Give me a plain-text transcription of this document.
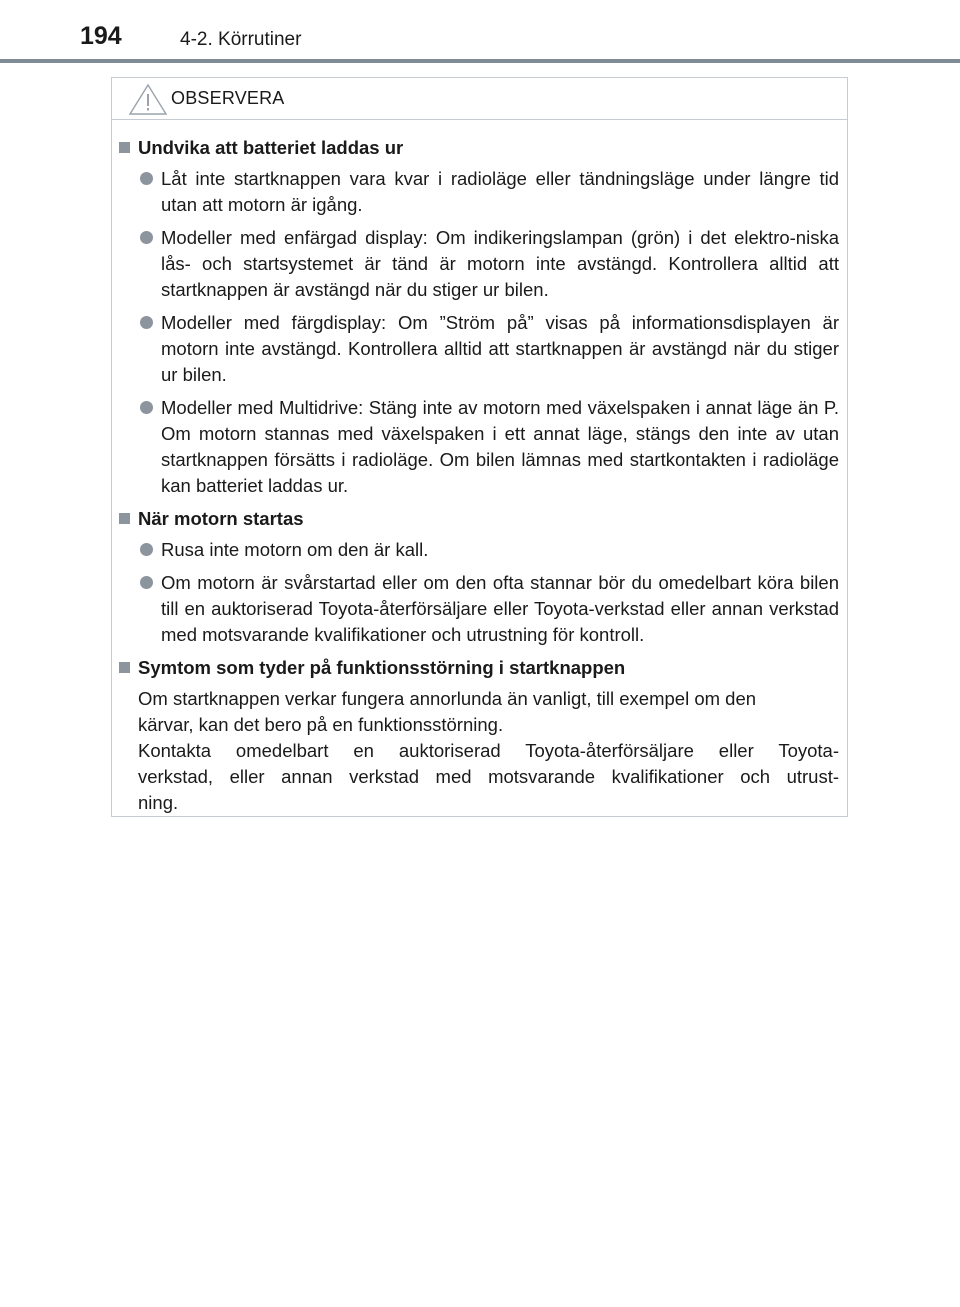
194	4-2. Körrutiner
OBSERVERA
Undvika att batteriet laddas ur
Låt inte startknappen vara kvar i radioläge eller tändningsläge under längre tid utan att motorn är igång.
Modeller med enfärgad display: Om indikeringslampan (grön) i det elektro-niska lås- och startsystemet är tänd är motorn inte avstängd. Kontrollera alltid att startknappen är avstängd när du stiger ur bilen.
Modeller med färgdisplay: Om ”Ström på” visas på informationsdisplayen är motorn inte avstängd. Kontrollera alltid att startknappen är avstängd när du stiger ur bilen.
Modeller med Multidrive: Stäng inte av motorn med växelspaken i annat läge än P. Om motorn stannas med växelspaken i ett annat läge, stängs den inte av utan startknappen försätts i radioläge. Om bilen lämnas med startkontakten i radioläge kan batteriet laddas ur.
När motorn startas
Rusa inte motorn om den är kall.
Om motorn är svårstartad eller om den ofta stannar bör du omedelbart köra bilen till en auktoriserad Toyota-återförsäljare eller Toyota-verkstad eller annan verkstad med motsvarande kvalifikationer och utrustning för kontroll.
Symtom som tyder på funktionsstörning i startknappen
Om startknappen verkar fungera annorlunda än vanligt, till exempel om den
kärvar, kan det bero på en funktionsstörning.
Kontakta omedelbart en auktoriserad Toyota-återförsäljare eller Toyota-
verkstad, eller annan verkstad med motsvarande kvalifikationer och utrust-
ning.
